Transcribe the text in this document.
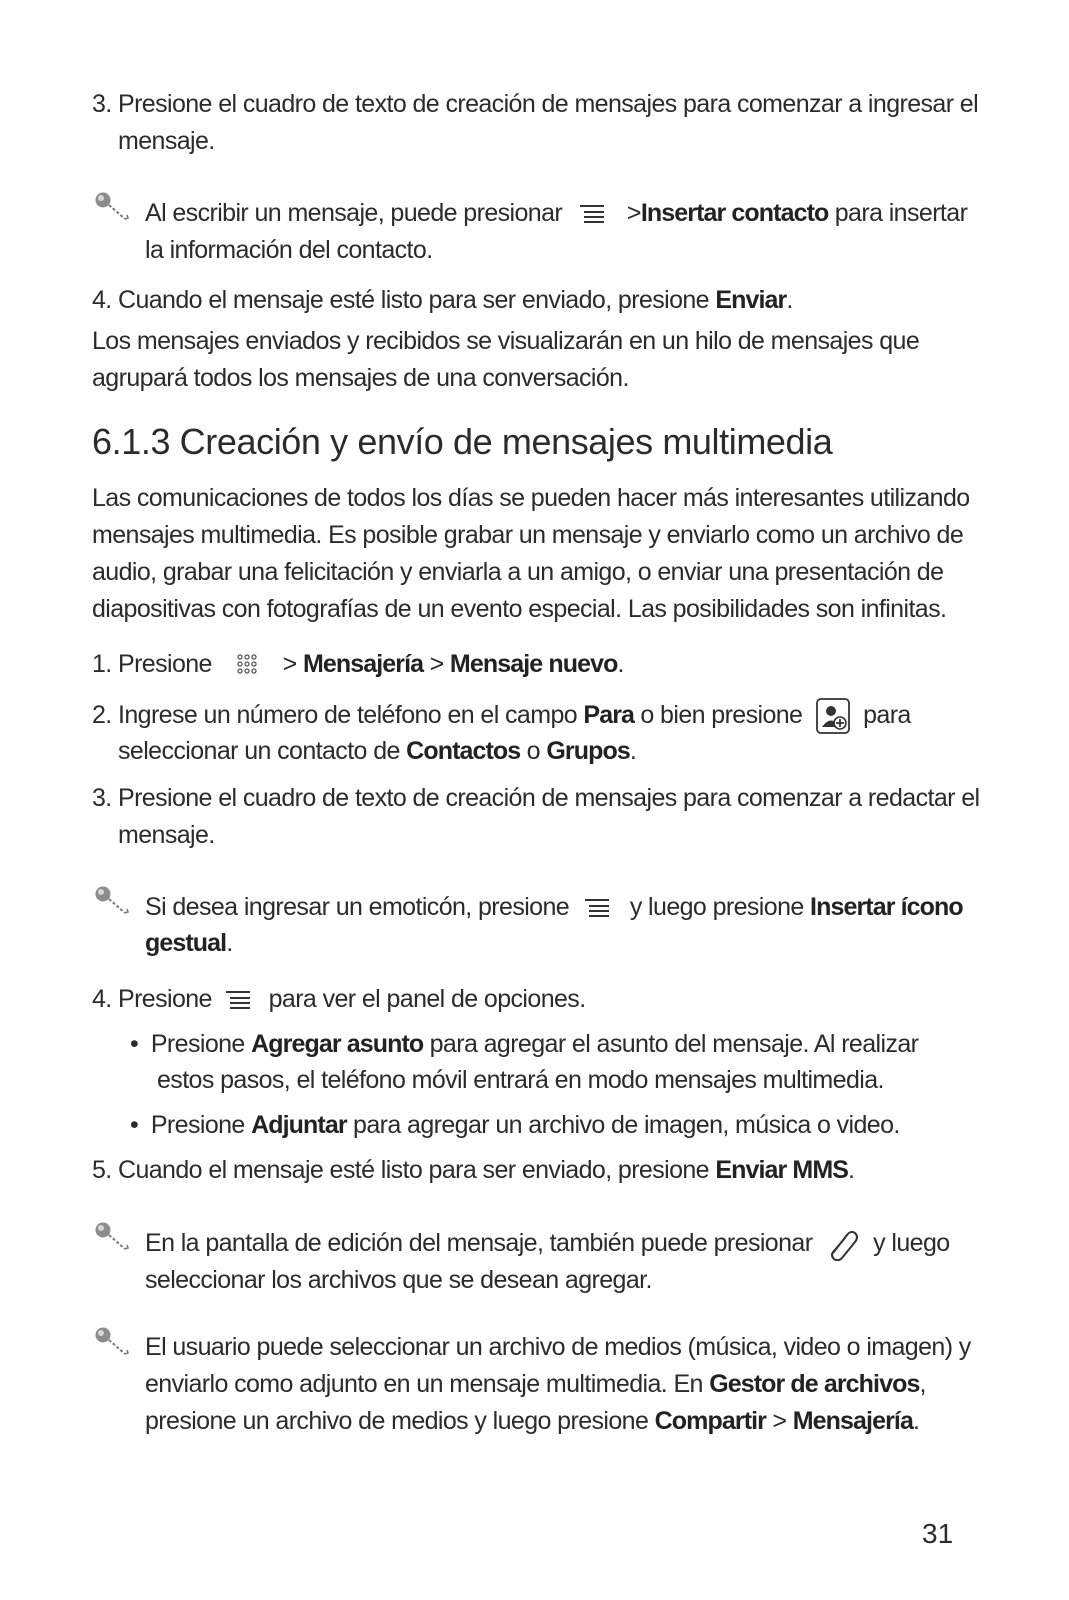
3. Presione el cuadro de texto de creación de mensajes para comenzar a ingresar el

mensaje.

Al escribir un mensaje, puede presionar	>Insertar contacto para insertar

la información del contacto.

4. Cuando el mensaje esté listo para ser enviado, presione Enviar.

Los mensajes enviados y recibidos se visualizarán en un hilo de mensajes que

agrupará todos los mensajes de una conversación.

6.1.3 Creación y envío de mensajes multimedia

Las comunicaciones de todos los días se pueden hacer más interesantes utilizando

mensajes multimedia. Es posible grabar un mensaje y enviarlo como un archivo de

audio, grabar una felicitación y enviarla a un amigo, o enviar una presentación de

diapositivas con fotografías de un evento especial. Las posibilidades son infinitas.

1. Presione	> Mensajería > Mensaje nuevo.

2. Ingrese un número de teléfono en el campo Para o bien presione para

seleccionar un contacto de Contactos o Grupos.

3. Presione el cuadro de texto de creación de mensajes para comenzar a redactar el

mensaje.

Si desea ingresar un emoticón, presione y luego presione Insertar ícono

gestual.

4. Presione para ver el panel de opciones.

•  Presione Agregar asunto para agregar el asunto del mensaje. Al realizar

estos pasos, el teléfono móvil entrará en modo mensajes multimedia.

•  Presione Adjuntar para agregar un archivo de imagen, música o video.

5. Cuando el mensaje esté listo para ser enviado, presione Enviar MMS.

En la pantalla de edición del mensaje, también puede presionar y luego

seleccionar los archivos que se desean agregar.

El usuario puede seleccionar un archivo de medios (música, video o imagen) y

enviarlo como adjunto en un mensaje multimedia. En Gestor de archivos,

presione un archivo de medios y luego presione Compartir > Mensajería.

31
